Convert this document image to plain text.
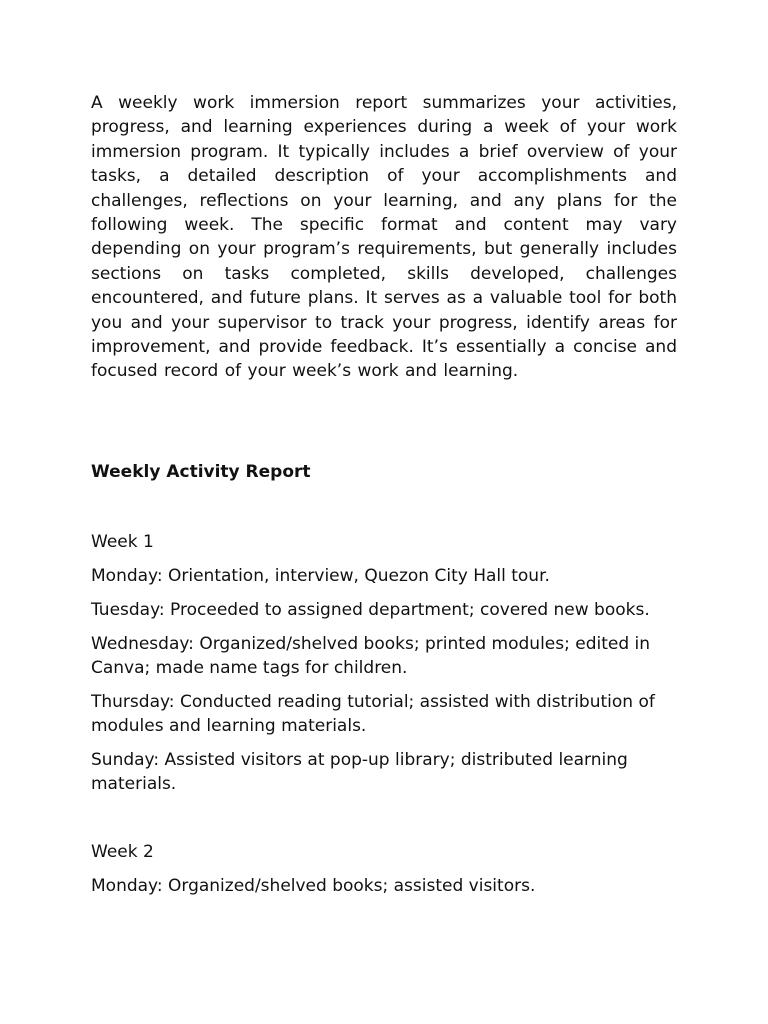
A weekly work immersion report summarizes your activities, progress, and learning experiences during a week of your work immersion program. It typically includes a brief overview of your tasks, a detailed description of your accomplishments and challenges, reflections on your learning, and any plans for the following week. The specific format and content may vary depending on your program’s requirements, but generally includes sections on tasks completed, skills developed, challenges encountered, and future plans. It serves as a valuable tool for both you and your supervisor to track your progress, identify areas for improvement, and provide feedback. It’s essentially a concise and focused record of your week’s work and learning.

Weekly Activity Report

Week 1

Monday: Orientation, interview, Quezon City Hall tour.

Tuesday: Proceeded to assigned department; covered new books.

Wednesday: Organized/shelved books; printed modules; edited in Canva; made name tags for children.

Thursday: Conducted reading tutorial; assisted with distribution of modules and learning materials.

Sunday: Assisted visitors at pop-up library; distributed learning materials.

Week 2

Monday: Organized/shelved books; assisted visitors.
